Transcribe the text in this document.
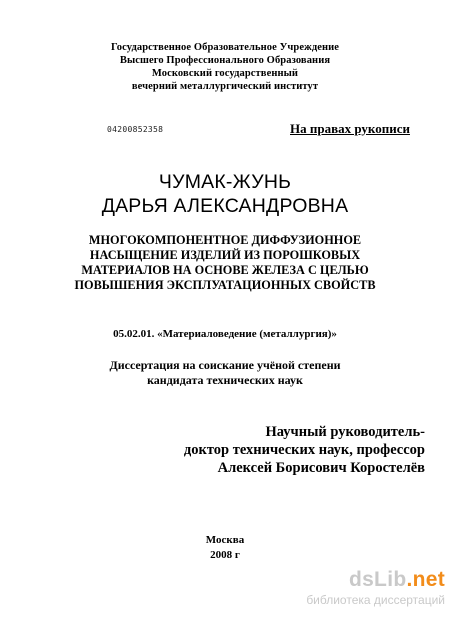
Государственное Образовательное Учреждение
Высшего Профессионального Образования
Московский государственный
вечерний металлургический институт
04200852358	На правах рукописи
ЧУМАК-ЖУНЬ
ДАРЬЯ АЛЕКСАНДРОВНА
МНОГОКОМПОНЕНТНОЕ ДИФФУЗИОННОЕ
НАСЫЩЕНИЕ ИЗДЕЛИЙ ИЗ ПОРОШКОВЫХ
МАТЕРИАЛОВ НА ОСНОВЕ ЖЕЛЕЗА С ЦЕЛЬЮ
ПОВЫШЕНИЯ ЭКСПЛУАТАЦИОННЫХ СВОЙСТВ
05.02.01. «Материаловедение (металлургия)»
Диссертация на соискание учёной степени
кандидата технических наук
Научный руководитель-
доктор технических наук, профессор
Алексей Борисович Коростелёв
Москва
2008 г
dsLib.net
библиотека диссертаций
